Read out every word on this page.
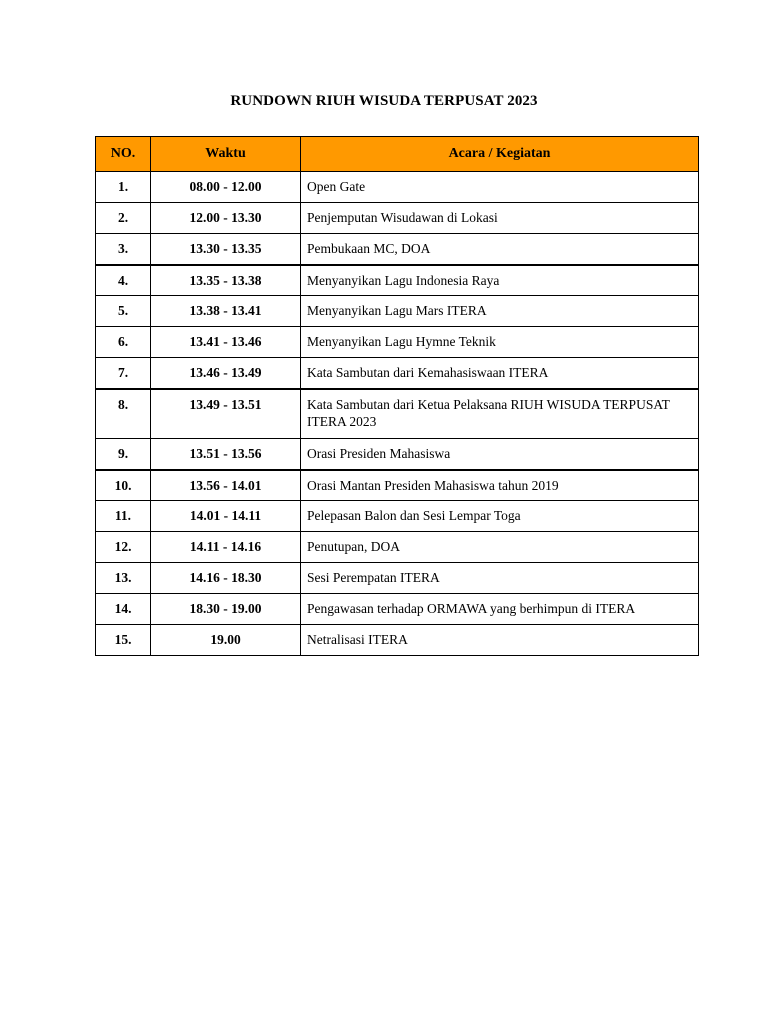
RUNDOWN RIUH WISUDA TERPUSAT 2023
NO.	Waktu	Acara / Kegiatan
1.	08.00 - 12.00	Open Gate
2.	12.00 - 13.30	Penjemputan Wisudawan di Lokasi
3.	13.30 - 13.35	Pembukaan MC, DOA
4.	13.35 - 13.38	Menyanyikan Lagu Indonesia Raya
5.	13.38 - 13.41	Menyanyikan Lagu Mars ITERA
6.	13.41 - 13.46	Menyanyikan Lagu Hymne Teknik
7.	13.46 - 13.49	Kata Sambutan dari Kemahasiswaan ITERA
8.	13.49 - 13.51	Kata Sambutan dari Ketua Pelaksana RIUH WISUDA TERPUSAT ITERA 2023
9.	13.51 - 13.56	Orasi Presiden Mahasiswa
10.	13.56 - 14.01	Orasi Mantan Presiden Mahasiswa tahun 2019
11.	14.01 - 14.11	Pelepasan Balon dan Sesi Lempar Toga
12.	14.11 - 14.16	Penutupan, DOA
13.	14.16 - 18.30	Sesi Perempatan ITERA
14.	18.30 - 19.00	Pengawasan terhadap ORMAWA yang berhimpun di ITERA
15.	19.00	Netralisasi ITERA
